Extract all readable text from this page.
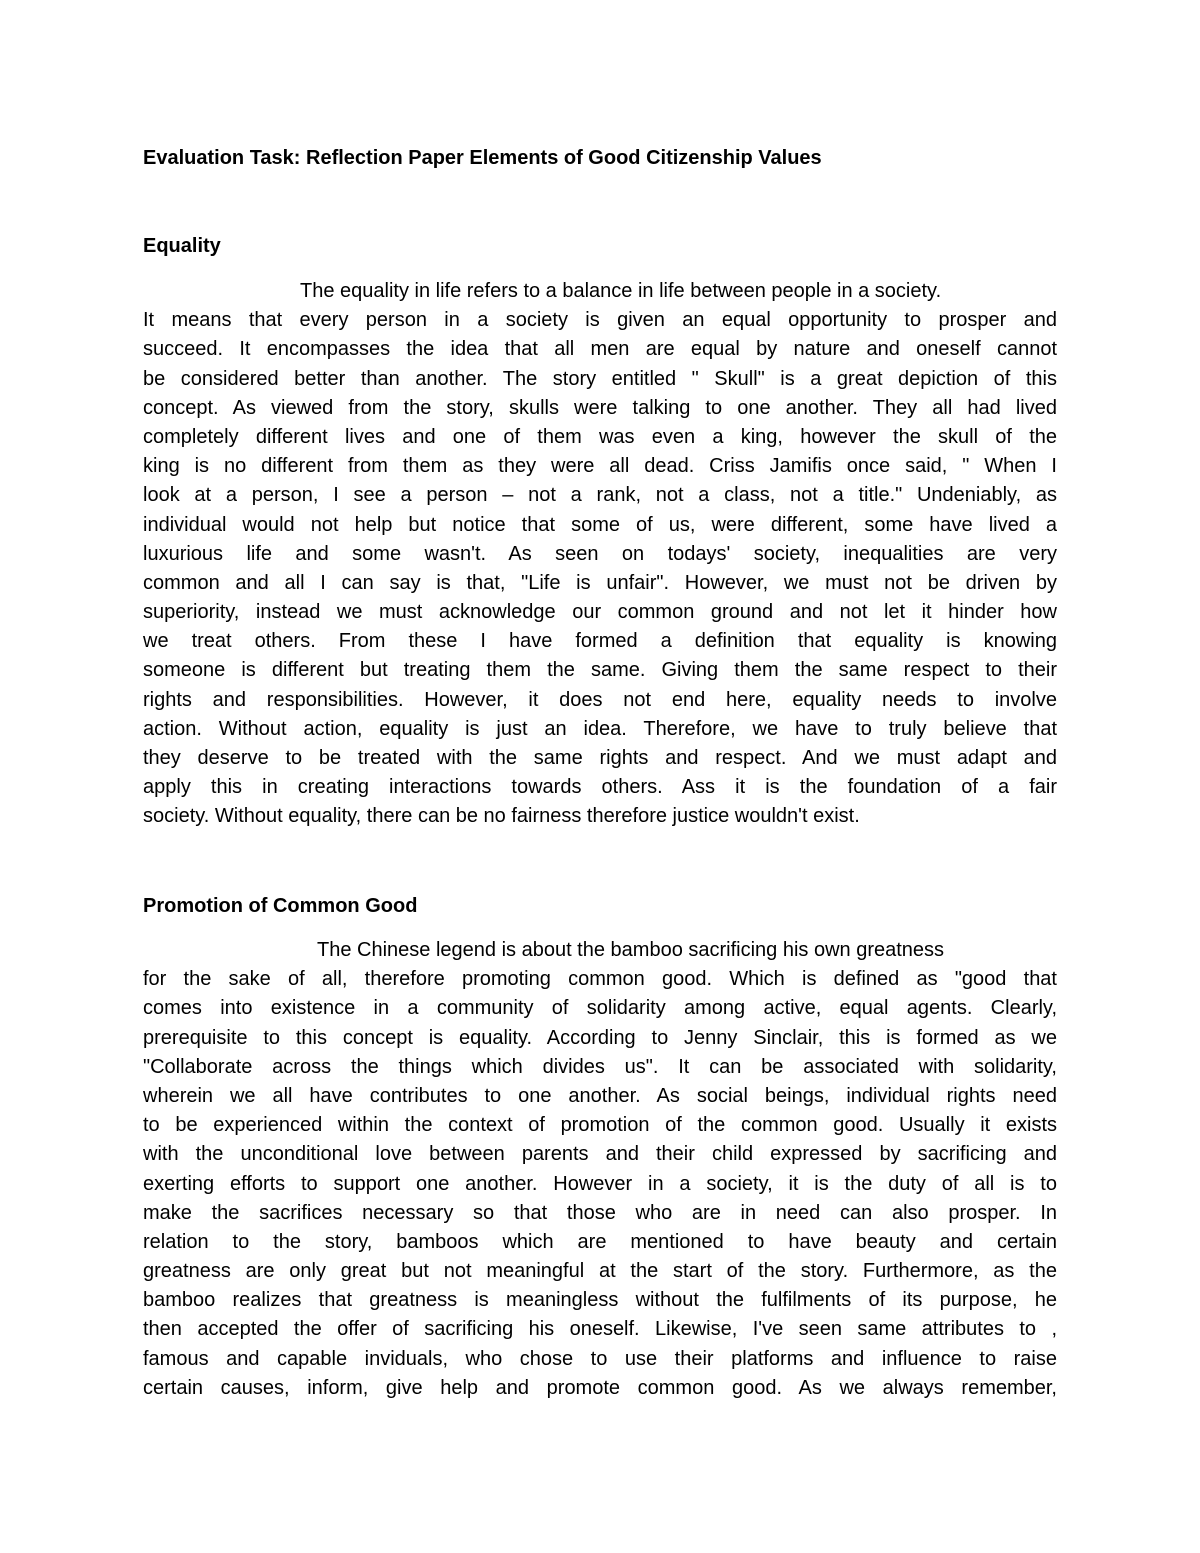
Evaluation Task: Reflection Paper Elements of Good Citizenship Values
Equality
The equality in life refers to a balance in life between people in a society.
It means that every person in a society is given an equal opportunity to prosper and
succeed. It encompasses the idea that all men are equal by nature and oneself cannot
be considered better than another. The story entitled " Skull" is a great depiction of this
concept. As viewed from the story, skulls were talking to one another. They all had lived
completely different lives and one of them was even a king, however the skull of the
king is no different from them as they were all dead. Criss Jamifis once said, " When I
look at a person, I see a person – not a rank, not a class, not a title." Undeniably, as
individual would not help but notice that some of us, were different, some have lived a
luxurious life and some wasn't. As seen on todays' society, inequalities are very
common and all I can say is that, "Life is unfair". However, we must not be driven by
superiority, instead we must acknowledge our common ground and not let it hinder how
we treat others. From these I have formed a definition that equality is knowing
someone is different but treating them the same. Giving them the same respect to their
rights and responsibilities. However, it does not end here, equality needs to involve
action. Without action, equality is just an idea. Therefore, we have to truly believe that
they deserve to be treated with the same rights and respect. And we must adapt and
apply this in creating interactions towards others. Ass it is the foundation of a fair
society. Without equality, there can be no fairness therefore justice wouldn't exist.
Promotion of Common Good
The Chinese legend is about the bamboo sacrificing his own greatness
for the sake of all, therefore promoting common good. Which is defined as "good that
comes into existence in a community of solidarity among active, equal agents. Clearly,
prerequisite to this concept is equality. According to Jenny Sinclair, this is formed as we
"Collaborate across the things which divides us". It can be associated with solidarity,
wherein we all have contributes to one another. As social beings, individual rights need
to be experienced within the context of promotion of the common good. Usually it exists
with the unconditional love between parents and their child expressed by sacrificing and
exerting efforts to support one another. However in a society, it is the duty of all is to
make the sacrifices necessary so that those who are in need can also prosper. In
relation to the story, bamboos which are mentioned to have beauty and certain
greatness are only great but not meaningful at the start of the story. Furthermore, as the
bamboo realizes that greatness is meaningless without the fulfilments of its purpose, he
then accepted the offer of sacrificing his oneself. Likewise, I've seen same attributes to ,
famous and capable inviduals, who chose to use their platforms and influence to raise
certain causes, inform, give help and promote common good. As we always remember,
